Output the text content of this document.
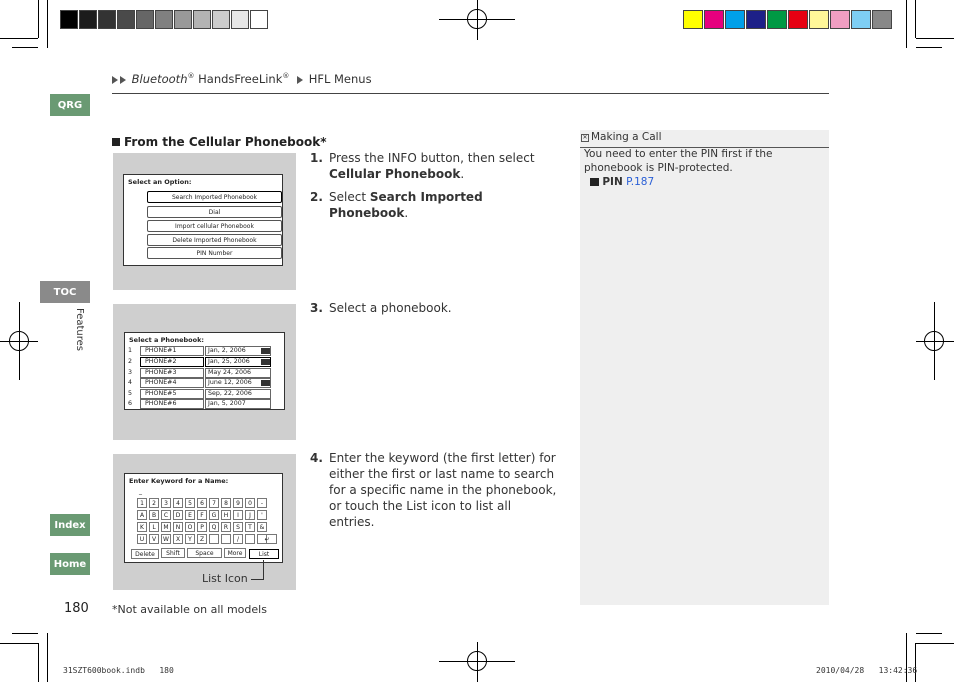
QRG
TOC
Features
Index
Home
Bluetooth® HandsFreeLink® HFL Menus
From the Cellular Phonebook*
Select an Option:
Search Imported Phonebook
Dial
Import cellular Phonebook
Delete Imported Phonebook
PIN Number
Select a Phonebook:
1	PHONE#1	Jan, 2, 2006
2	PHONE#2	Jan, 25, 2006
3	PHONE#3	May 24, 2006
4	PHONE#4	June 12, 2006
5	PHONE#5	Sep, 22, 2006
6	PHONE#6	Jan, 5, 2007
Enter Keyword for a Name:
_
1	2	3	4	5	6	7	8	9	0	-
A	B	C	D	E	F	G	H	I	J	'
K	L	M	N	O	P	Q	R	S	T	&
U	V	W	X	Y	Z	/	↵
Delete	Shift	Space	More	List
List Icon
1. Press the INFO button, then select Cellular Phonebook.
2. Select Search Imported Phonebook.
3. Select a phonebook.
4. Enter the keyword (the first letter) for either the first or last name to search for a specific name in the phonebook, or touch the List icon to list all entries.
✕ Making a Call
You need to enter the PIN first if the phonebook is PIN-protected.
PIN P.187
180 *Not available on all models
31SZT600book.indb 180	2010/04/28 13:42:36
